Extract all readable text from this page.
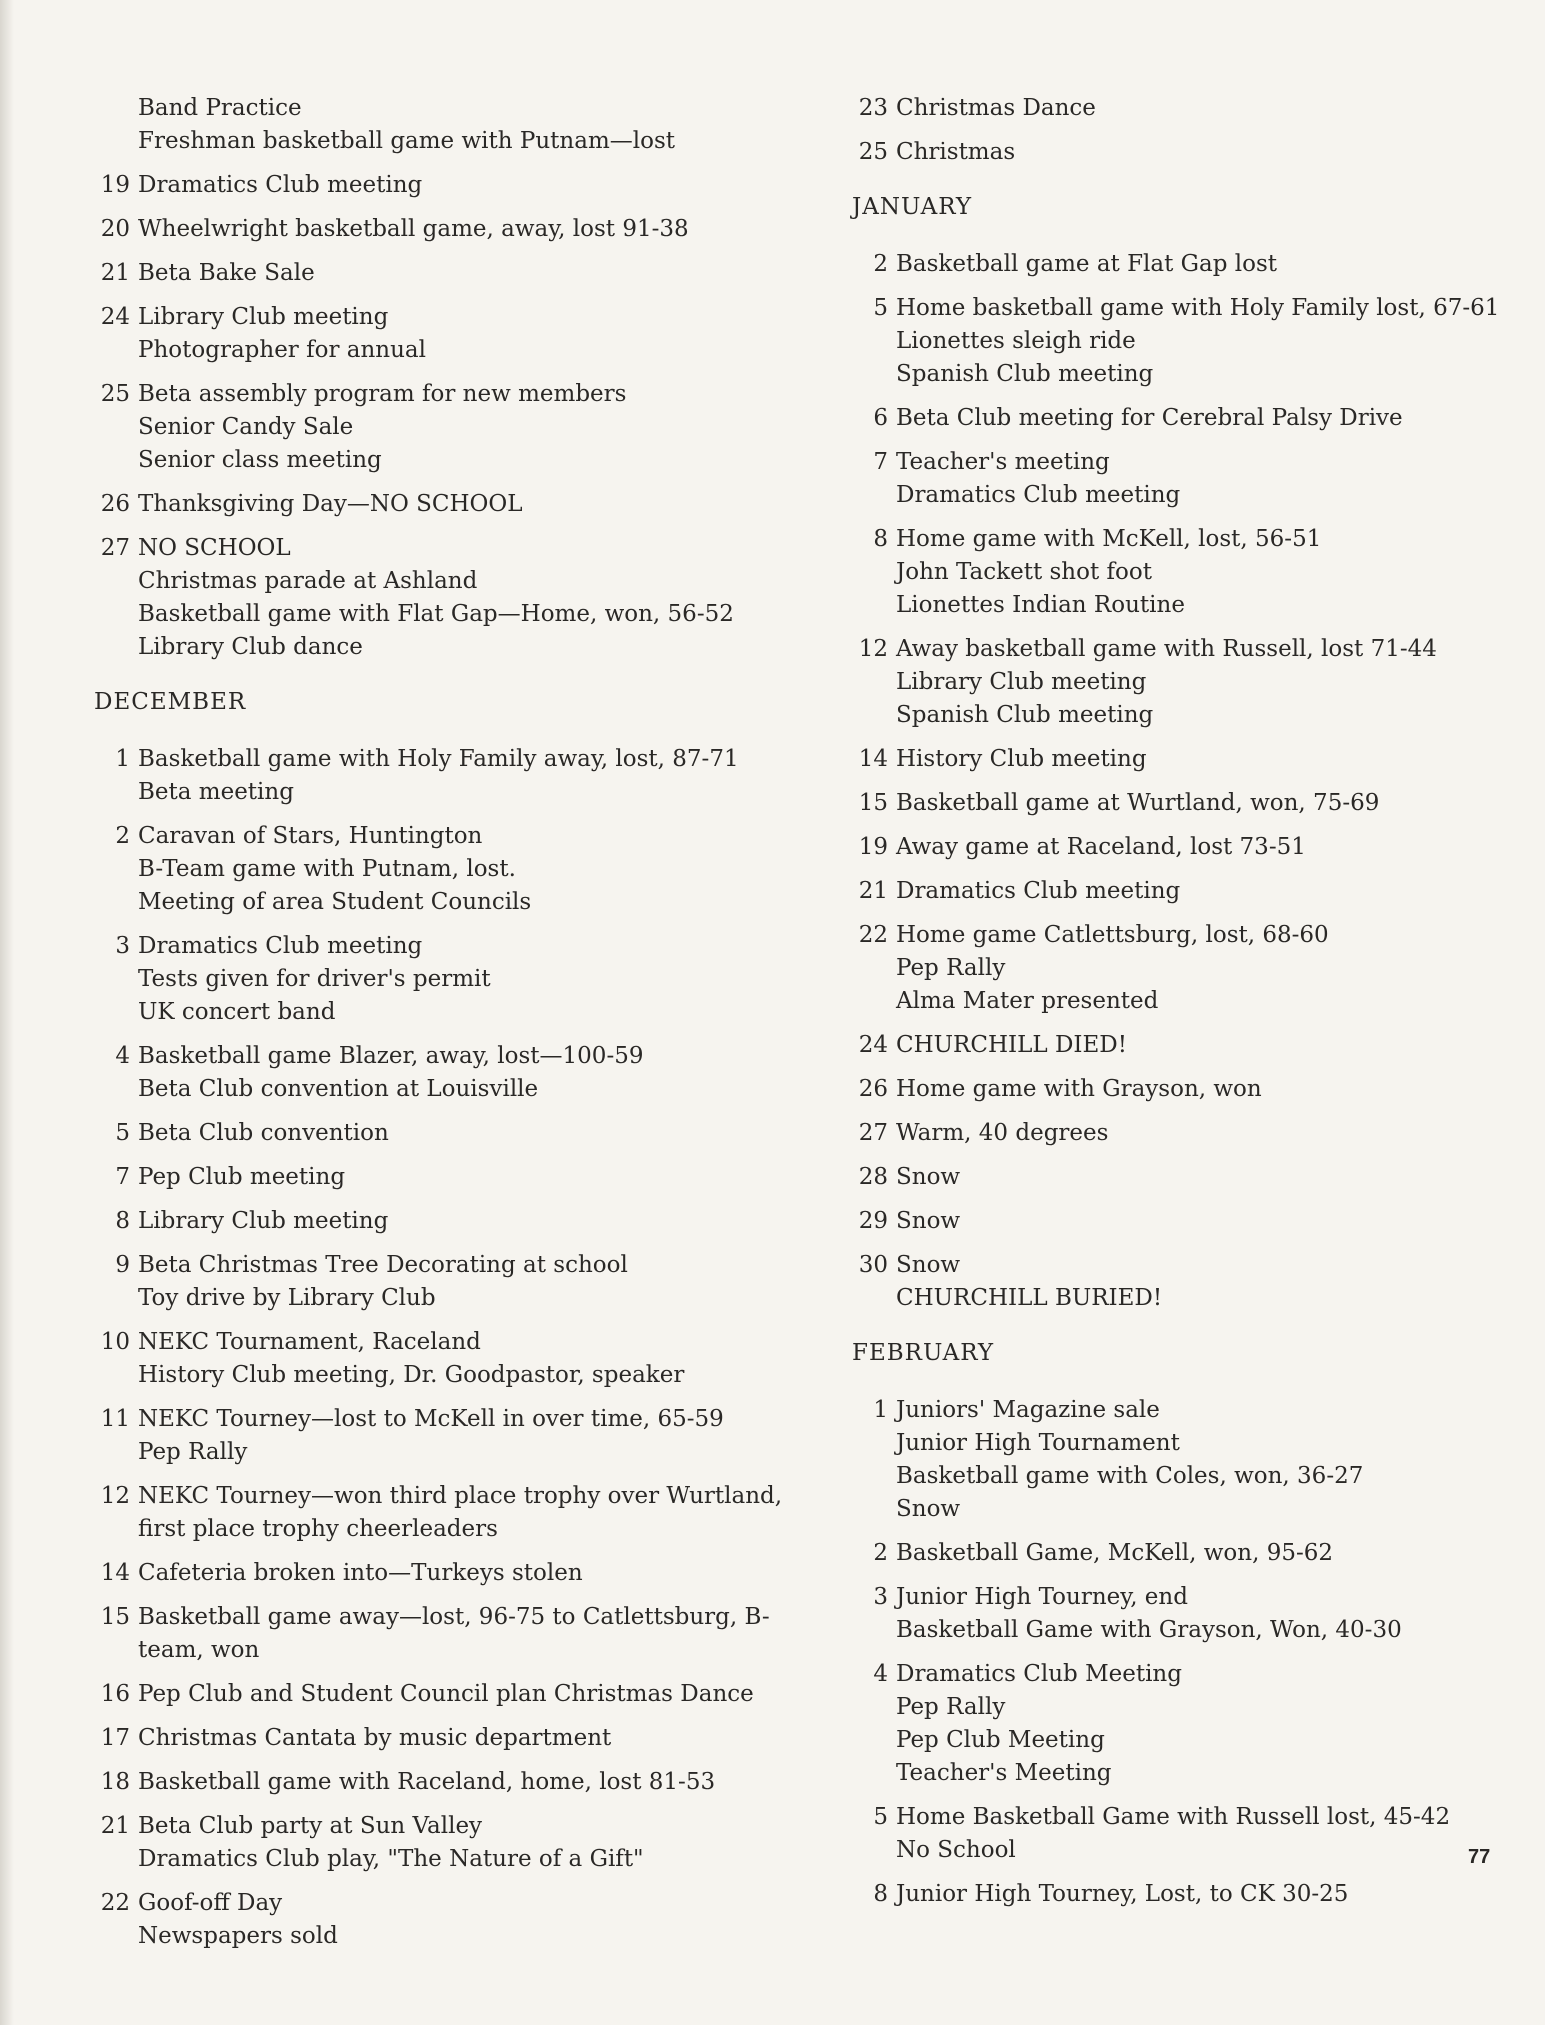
Band Practice
Freshman basketball game with Putnam—lost
19 Dramatics Club meeting
20 Wheelwright basketball game, away, lost 91-38
21 Beta Bake Sale
24 Library Club meeting
Photographer for annual
25 Beta assembly program for new members
Senior Candy Sale
Senior class meeting
26 Thanksgiving Day—NO SCHOOL
27 NO SCHOOL
Christmas parade at Ashland
Basketball game with Flat Gap—Home, won, 56-52
Library Club dance
DECEMBER
1 Basketball game with Holy Family away, lost, 87-71
Beta meeting
2 Caravan of Stars, Huntington
B-Team game with Putnam, lost.
Meeting of area Student Councils
3 Dramatics Club meeting
Tests given for driver's permit
UK concert band
4 Basketball game Blazer, away, lost—100-59
Beta Club convention at Louisville
5 Beta Club convention
7 Pep Club meeting
8 Library Club meeting
9 Beta Christmas Tree Decorating at school
Toy drive by Library Club
10 NEKC Tournament, Raceland
History Club meeting, Dr. Goodpastor, speaker
11 NEKC Tourney—lost to McKell in over time, 65-59
Pep Rally
12 NEKC Tourney—won third place trophy over Wurtland,
first place trophy cheerleaders
14 Cafeteria broken into—Turkeys stolen
15 Basketball game away—lost, 96-75 to Catlettsburg, B-
team, won
16 Pep Club and Student Council plan Christmas Dance
17 Christmas Cantata by music department
18 Basketball game with Raceland, home, lost 81-53
21 Beta Club party at Sun Valley
Dramatics Club play, "The Nature of a Gift"
22 Goof-off Day
Newspapers sold
23 Christmas Dance
25 Christmas
JANUARY
2 Basketball game at Flat Gap lost
5 Home basketball game with Holy Family lost, 67-61
Lionettes sleigh ride
Spanish Club meeting
6 Beta Club meeting for Cerebral Palsy Drive
7 Teacher's meeting
Dramatics Club meeting
8 Home game with McKell, lost, 56-51
John Tackett shot foot
Lionettes Indian Routine
12 Away basketball game with Russell, lost 71-44
Library Club meeting
Spanish Club meeting
14 History Club meeting
15 Basketball game at Wurtland, won, 75-69
19 Away game at Raceland, lost 73-51
21 Dramatics Club meeting
22 Home game Catlettsburg, lost, 68-60
Pep Rally
Alma Mater presented
24 CHURCHILL DIED!
26 Home game with Grayson, won
27 Warm, 40 degrees
28 Snow
29 Snow
30 Snow
CHURCHILL BURIED!
FEBRUARY
1 Juniors' Magazine sale
Junior High Tournament
Basketball game with Coles, won, 36-27
Snow
2 Basketball Game, McKell, won, 95-62
3 Junior High Tourney, end
Basketball Game with Grayson, Won, 40-30
4 Dramatics Club Meeting
Pep Rally
Pep Club Meeting
Teacher's Meeting
5 Home Basketball Game with Russell lost, 45-42
No School
8 Junior High Tourney, Lost, to CK 30-25
77
